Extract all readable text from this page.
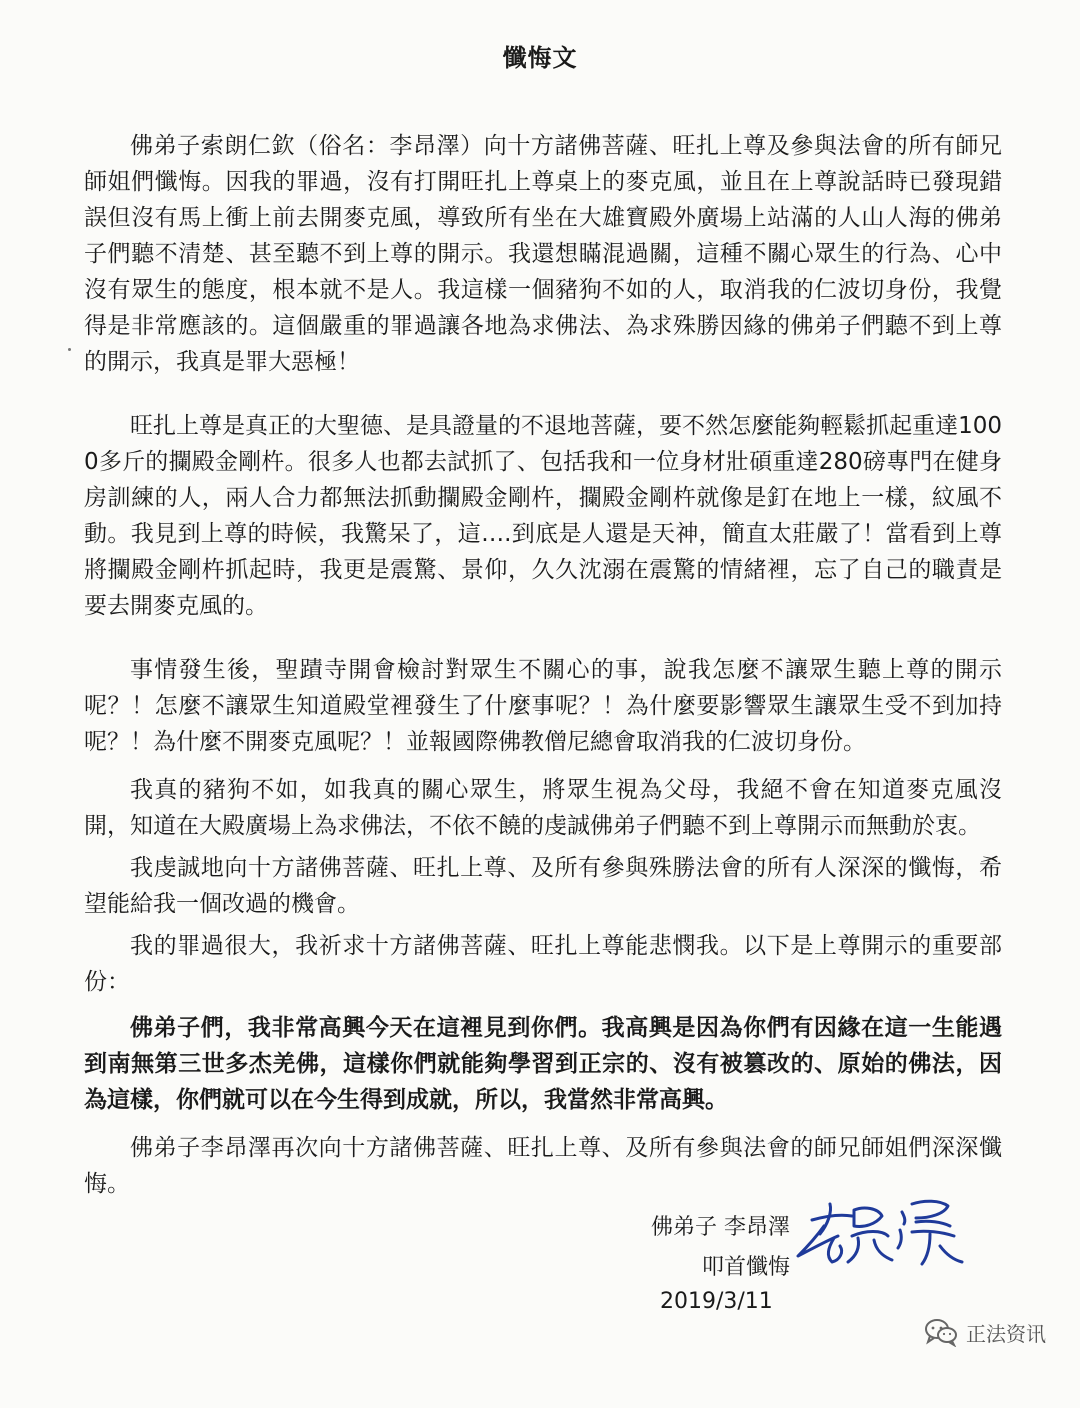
懺悔文

佛弟子索朗仁欽（俗名：李昂澤）向十方諸佛菩薩、旺扎上尊及參與法會的所有師兄師姐們懺悔。因我的罪過，沒有打開旺扎上尊桌上的麥克風，並且在上尊說話時已發現錯誤但沒有馬上衝上前去開麥克風，導致所有坐在大雄寶殿外廣場上站滿的人山人海的佛弟子們聽不清楚、甚至聽不到上尊的開示。我還想瞞混過關，這種不關心眾生的行為、心中沒有眾生的態度，根本就不是人。我這樣一個豬狗不如的人，取消我的仁波切身份，我覺得是非常應該的。這個嚴重的罪過讓各地為求佛法、為求殊勝因緣的佛弟子們聽不到上尊的開示，我真是罪大惡極！

旺扎上尊是真正的大聖德、是具證量的不退地菩薩，要不然怎麼能夠輕鬆抓起重達1000多斤的攔殿金剛杵。很多人也都去試抓了、包括我和一位身材壯碩重達280磅專門在健身房訓練的人，兩人合力都無法抓動攔殿金剛杵，攔殿金剛杵就像是釘在地上一樣，紋風不動。我見到上尊的時候，我驚呆了，這….到底是人還是天神，簡直太莊嚴了！當看到上尊將攔殿金剛杵抓起時，我更是震驚、景仰，久久沈溺在震驚的情緒裡，忘了自己的職責是要去開麥克風的。

事情發生後，聖蹟寺開會檢討對眾生不關心的事，說我怎麼不讓眾生聽上尊的開示呢？！怎麼不讓眾生知道殿堂裡發生了什麼事呢？！為什麼要影響眾生讓眾生受不到加持呢？！為什麼不開麥克風呢？！並報國際佛教僧尼總會取消我的仁波切身份。

我真的豬狗不如，如我真的關心眾生，將眾生視為父母，我絕不會在知道麥克風沒開，知道在大殿廣場上為求佛法，不依不饒的虔誠佛弟子們聽不到上尊開示而無動於衷。

我虔誠地向十方諸佛菩薩、旺扎上尊、及所有參與殊勝法會的所有人深深的懺悔，希望能給我一個改過的機會。

我的罪過很大，我祈求十方諸佛菩薩、旺扎上尊能悲憫我。以下是上尊開示的重要部份：

佛弟子們，我非常高興今天在這裡見到你們。我高興是因為你們有因緣在這一生能遇到南無第三世多杰羌佛，這樣你們就能夠學習到正宗的、沒有被篡改的、原始的佛法，因為這樣，你們就可以在今生得到成就，所以，我當然非常高興。

佛弟子李昂澤再次向十方諸佛菩薩、旺扎上尊、及所有參與法會的師兄師姐們深深懺悔。

佛弟子 李昂澤
叩首懺悔
2019/3/11
正法资讯
